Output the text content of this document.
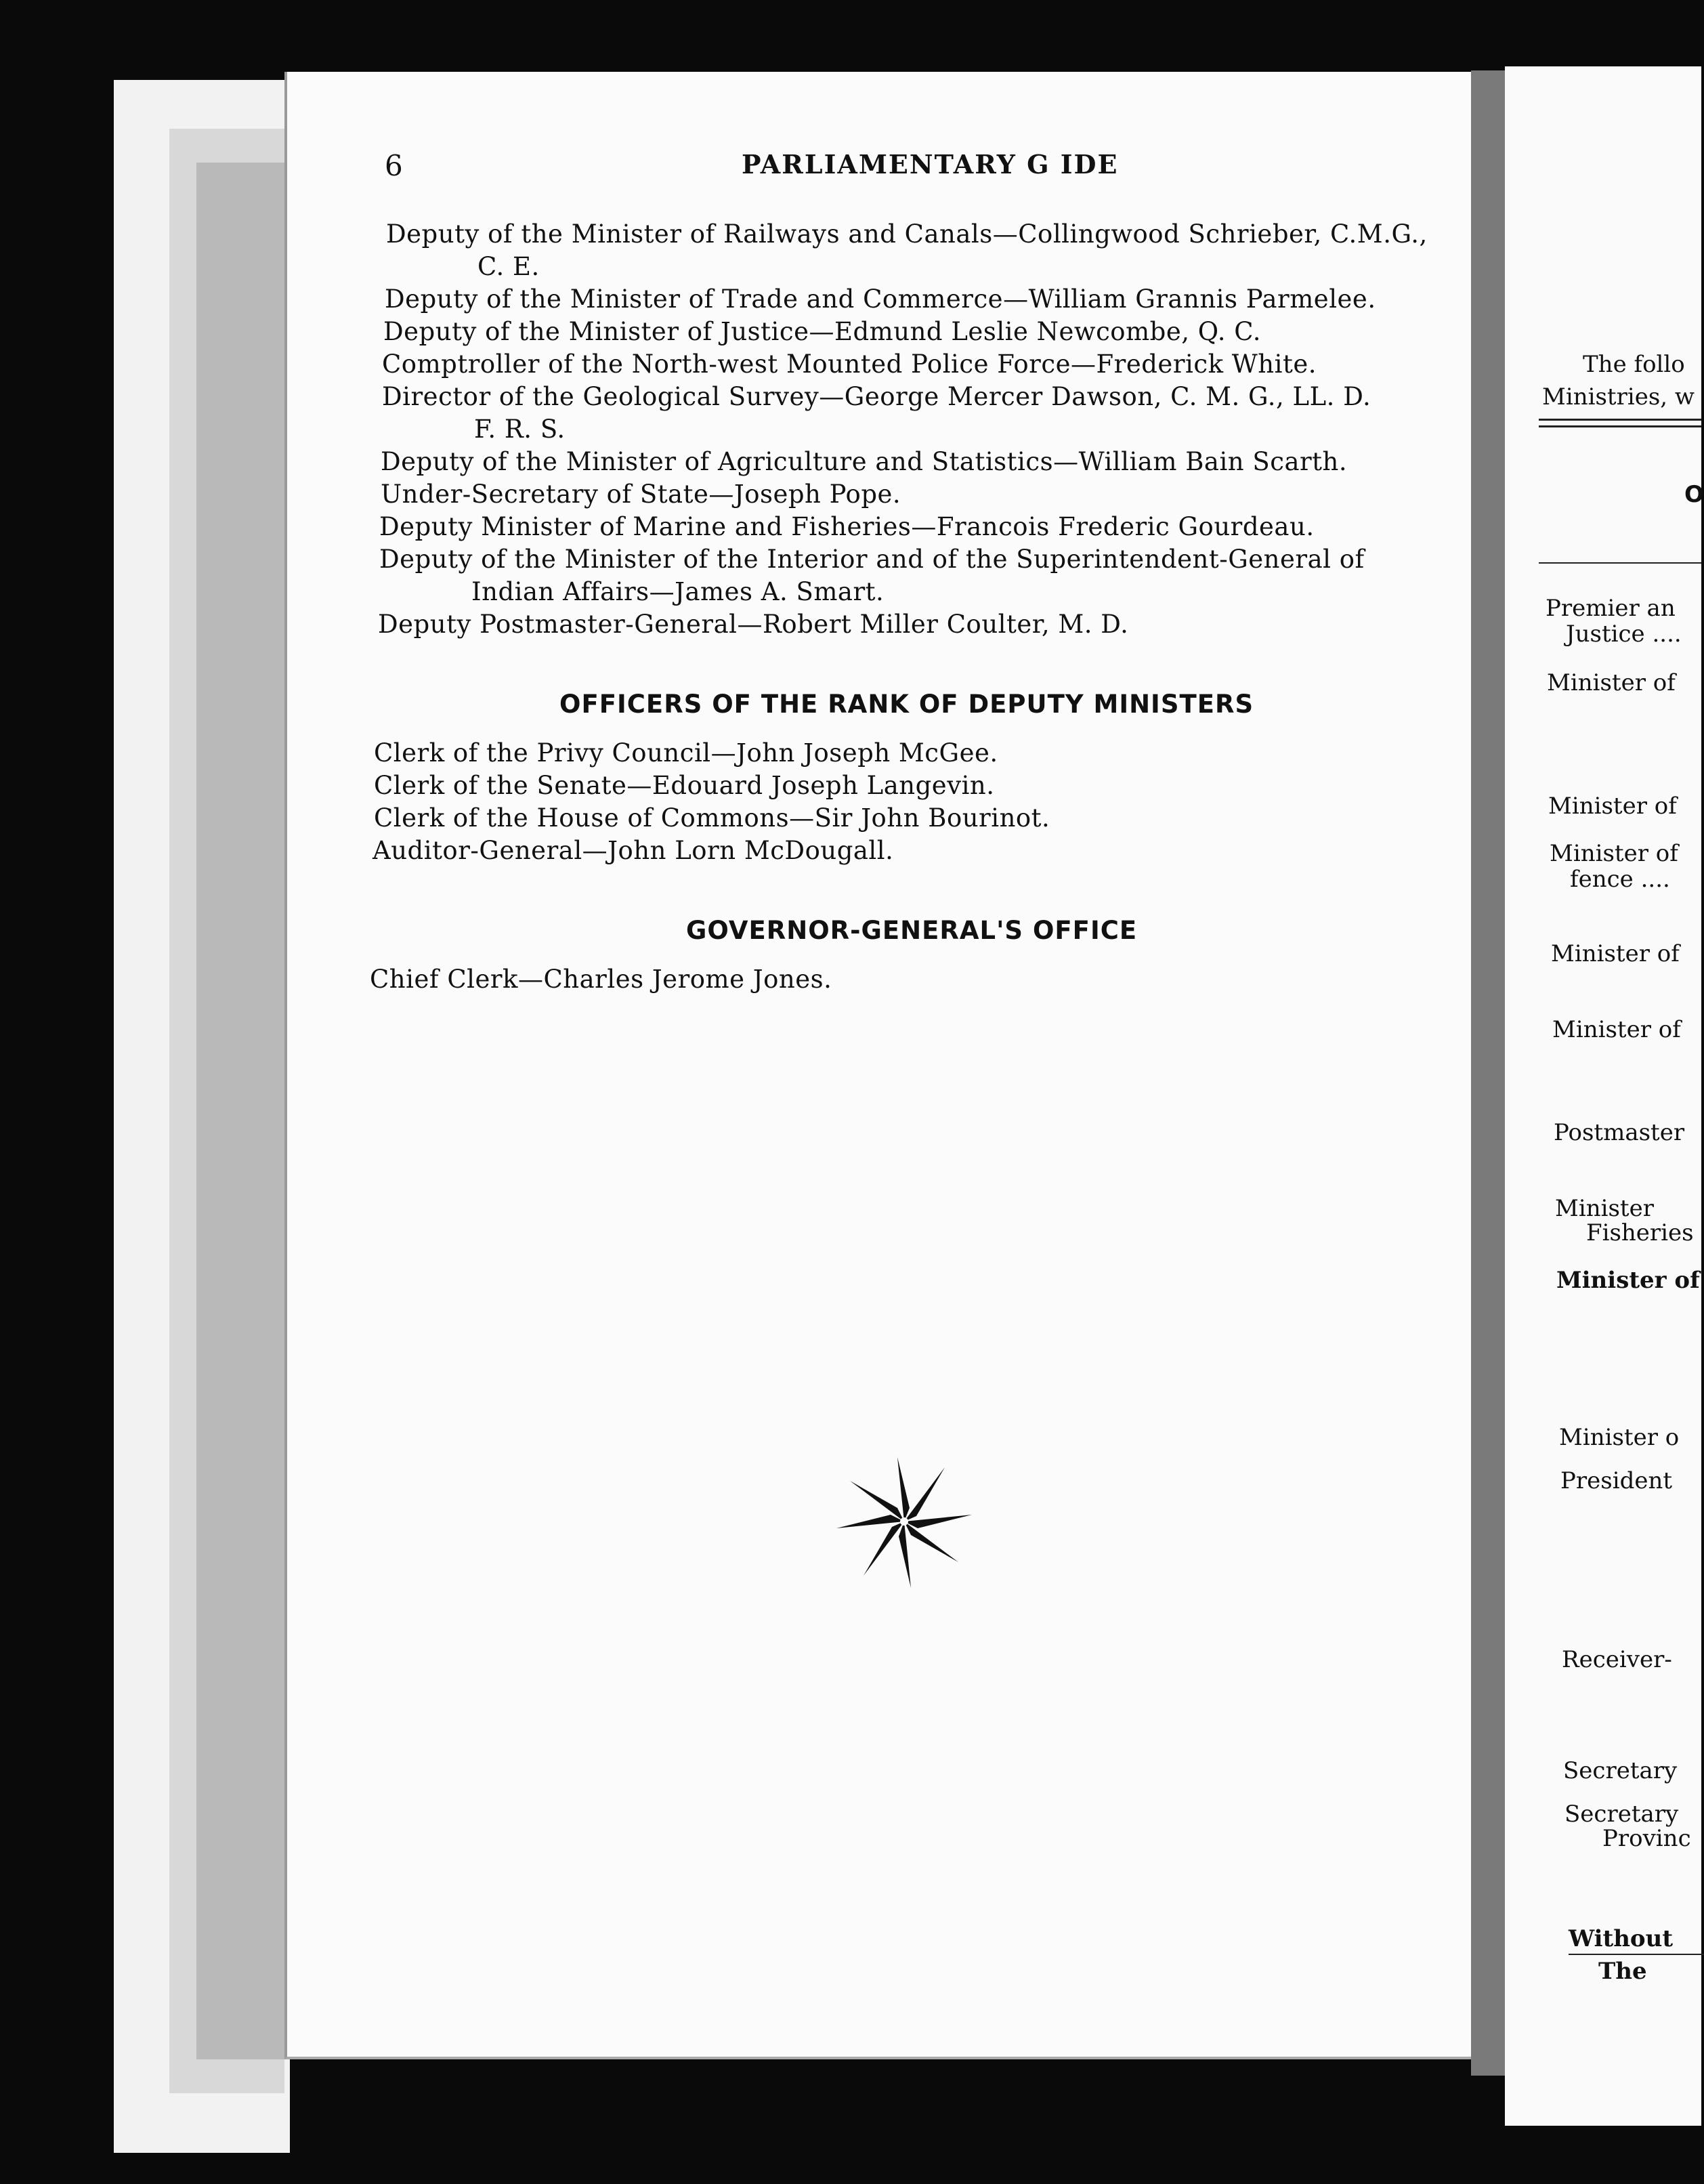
6	PARLIAMENTARY G IDE
Deputy of the Minister of Railways and Canals—Collingwood Schrieber, C.M.G.,
C. E.
Deputy of the Minister of Trade and Commerce—William Grannis Parmelee.
Deputy of the Minister of Justice—Edmund Leslie Newcombe, Q. C.
Comptroller of the North-west Mounted Police Force—Frederick White.
Director of the Geological Survey—George Mercer Dawson, C. M. G., LL. D.
F. R. S.
Deputy of the Minister of Agriculture and Statistics—William Bain Scarth.
Under-Secretary of State—Joseph Pope.
Deputy Minister of Marine and Fisheries—Francois Frederic Gourdeau.
Deputy of the Minister of the Interior and of the Superintendent-General of
Indian Affairs—James A. Smart.
Deputy Postmaster-General—Robert Miller Coulter, M. D.
OFFICERS OF THE RANK OF DEPUTY MINISTERS
Clerk of the Privy Council—John Joseph McGee.
Clerk of the Senate—Edouard Joseph Langevin.
Clerk of the House of Commons—Sir John Bourinot.
Auditor-General—John Lorn McDougall.
GOVERNOR-GENERAL'S OFFICE
Chief Clerk—Charles Jerome Jones.
The follo
Ministries, w
O
Premier an
Justice ....
Minister of
Minister of
Minister of
fence ....
Minister of
Minister of
Postmaster
Minister
Fisheries
Minister of
Minister o
President
Receiver-
Secretary
Secretary
Provinc
Without
The
